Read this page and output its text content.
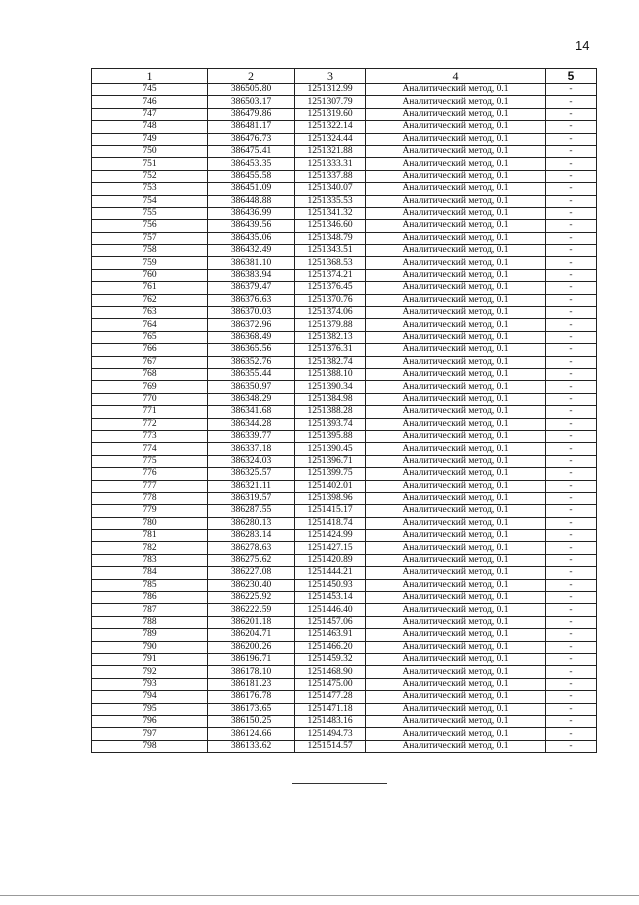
14
1	2	3	4	5
745	386505.80	1251312.99	Аналитический метод, 0.1	-
746	386503.17	1251307.79	Аналитический метод, 0.1	-
747	386479.86	1251319.60	Аналитический метод, 0.1	-
748	386481.17	1251322.14	Аналитический метод, 0.1	-
749	386476.73	1251324.44	Аналитический метод, 0.1	-
750	386475.41	1251321.88	Аналитический метод, 0.1	-
751	386453.35	1251333.31	Аналитический метод, 0.1	-
752	386455.58	1251337.88	Аналитический метод, 0.1	-
753	386451.09	1251340.07	Аналитический метод, 0.1	-
754	386448.88	1251335.53	Аналитический метод, 0.1	-
755	386436.99	1251341.32	Аналитический метод, 0.1	-
756	386439.56	1251346.60	Аналитический метод, 0.1	-
757	386435.06	1251348.79	Аналитический метод, 0.1	-
758	386432.49	1251343.51	Аналитический метод, 0.1	-
759	386381.10	1251368.53	Аналитический метод, 0.1	-
760	386383.94	1251374.21	Аналитический метод, 0.1	-
761	386379.47	1251376.45	Аналитический метод, 0.1	-
762	386376.63	1251370.76	Аналитический метод, 0.1	-
763	386370.03	1251374.06	Аналитический метод, 0.1	-
764	386372.96	1251379.88	Аналитический метод, 0.1	-
765	386368.49	1251382.13	Аналитический метод, 0.1	-
766	386365.56	1251376.31	Аналитический метод, 0.1	-
767	386352.76	1251382.74	Аналитический метод, 0.1	-
768	386355.44	1251388.10	Аналитический метод, 0.1	-
769	386350.97	1251390.34	Аналитический метод, 0.1	-
770	386348.29	1251384.98	Аналитический метод, 0.1	-
771	386341.68	1251388.28	Аналитический метод, 0.1	-
772	386344.28	1251393.74	Аналитический метод, 0.1	-
773	386339.77	1251395.88	Аналитический метод, 0.1	-
774	386337.18	1251390.45	Аналитический метод, 0.1	-
775	386324.03	1251396.71	Аналитический метод, 0.1	-
776	386325.57	1251399.75	Аналитический метод, 0.1	-
777	386321.11	1251402.01	Аналитический метод, 0.1	-
778	386319.57	1251398.96	Аналитический метод, 0.1	-
779	386287.55	1251415.17	Аналитический метод, 0.1	-
780	386280.13	1251418.74	Аналитический метод, 0.1	-
781	386283.14	1251424.99	Аналитический метод, 0.1	-
782	386278.63	1251427.15	Аналитический метод, 0.1	-
783	386275.62	1251420.89	Аналитический метод, 0.1	-
784	386227.08	1251444.21	Аналитический метод, 0.1	-
785	386230.40	1251450.93	Аналитический метод, 0.1	-
786	386225.92	1251453.14	Аналитический метод, 0.1	-
787	386222.59	1251446.40	Аналитический метод, 0.1	-
788	386201.18	1251457.06	Аналитический метод, 0.1	-
789	386204.71	1251463.91	Аналитический метод, 0.1	-
790	386200.26	1251466.20	Аналитический метод, 0.1	-
791	386196.71	1251459.32	Аналитический метод, 0.1	-
792	386178.10	1251468.90	Аналитический метод, 0.1	-
793	386181.23	1251475.00	Аналитический метод, 0.1	-
794	386176.78	1251477.28	Аналитический метод, 0.1	-
795	386173.65	1251471.18	Аналитический метод, 0.1	-
796	386150.25	1251483.16	Аналитический метод, 0.1	-
797	386124.66	1251494.73	Аналитический метод, 0.1	-
798	386133.62	1251514.57	Аналитический метод, 0.1	-
